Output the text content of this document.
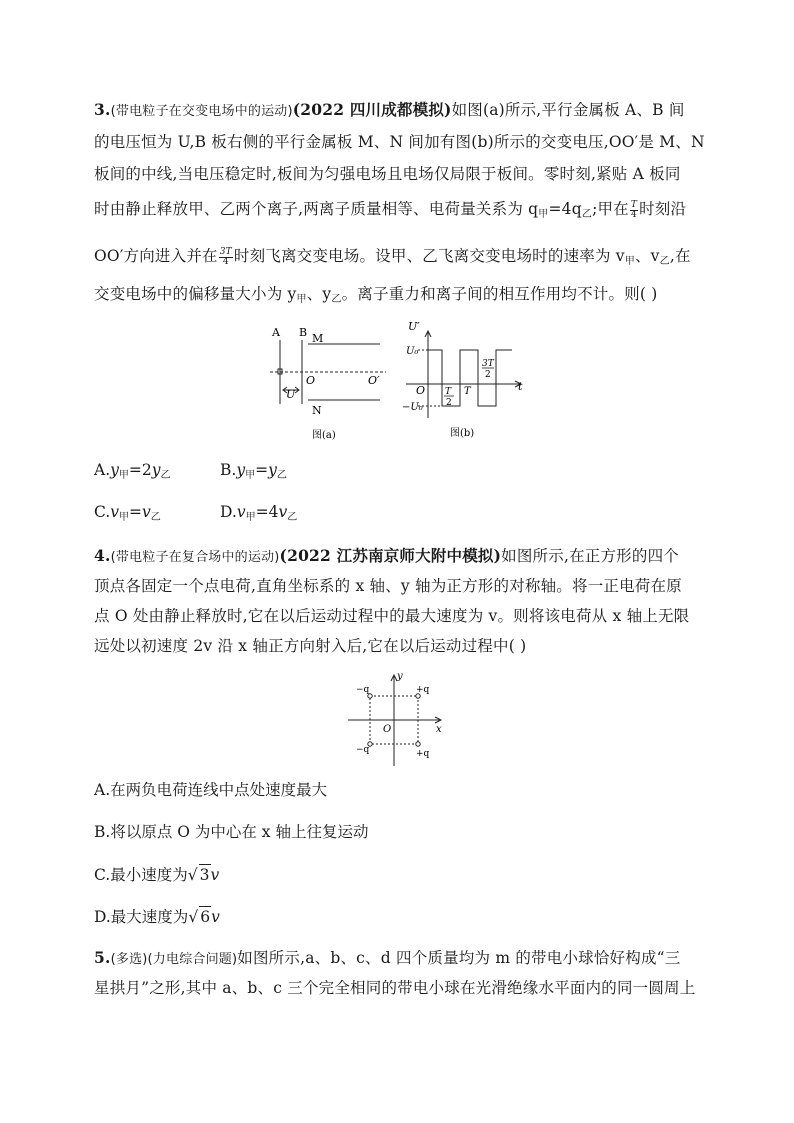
3.(带电粒子在交变电场中的运动)(2022 四川成都模拟)如图(a)所示,平行金属板 A、B 间
的电压恒为 U,B 板右侧的平行金属板 M、N 间加有图(b)所示的交变电压,OO′是 M、N
板间的中线,当电压稳定时,板间为匀强电场且电场仅局限于板间。零时刻,紧贴 A 板同
时由静止释放甲、乙两个离子,两离子质量相等、电荷量关系为 $q_甲=4q_乙$;甲在 $\frac{T}{4}$ 时刻沿
OO′方向进入并在 $\frac{3T}{4}$ 时刻飞离交变电场。设甲、乙飞离交变电场时的速率为 $v_甲$、$v_乙$,在
交变电场中的偏移量大小为 $y_甲$、$y_乙$。离子重力和离子间的相互作用均不计。则( )
A B M
N
O	O′
U
图(a)
U′
U₀
−U₀
O	t
T
2
T
3T
2
图(b)
$A.y_甲=2y_乙$	$B.y_甲=y_乙$
$C.v_甲=v_乙$	$D.v_甲=4v_乙$
4.(带电粒子在复合场中的运动)(2022 江苏南京师大附中模拟)如图所示,在正方形的四个
顶点各固定一个点电荷,直角坐标系的 x 轴、y 轴为正方形的对称轴。将一正电荷在原
点 O 处由静止释放时,它在以后运动过程中的最大速度为 v。则将该电荷从 x 轴上无限
远处以初速度 2v 沿 x 轴正方向射入后,它在以后运动过程中( )
y
x
O
−q	+q
−q	+q
A.在两负电荷连线中点处速度最大
B.将以原点 O 为中心在 x 轴上往复运动
C.最小速度为√ 3v
D.最大速度为√ 6v
5.(多选)(力电综合问题)如图所示,a、b、c、d 四个质量均为 m 的带电小球恰好构成“三
星拱月”之形,其中 a、b、c 三个完全相同的带电小球在光滑绝缘水平面内的同一圆周上
